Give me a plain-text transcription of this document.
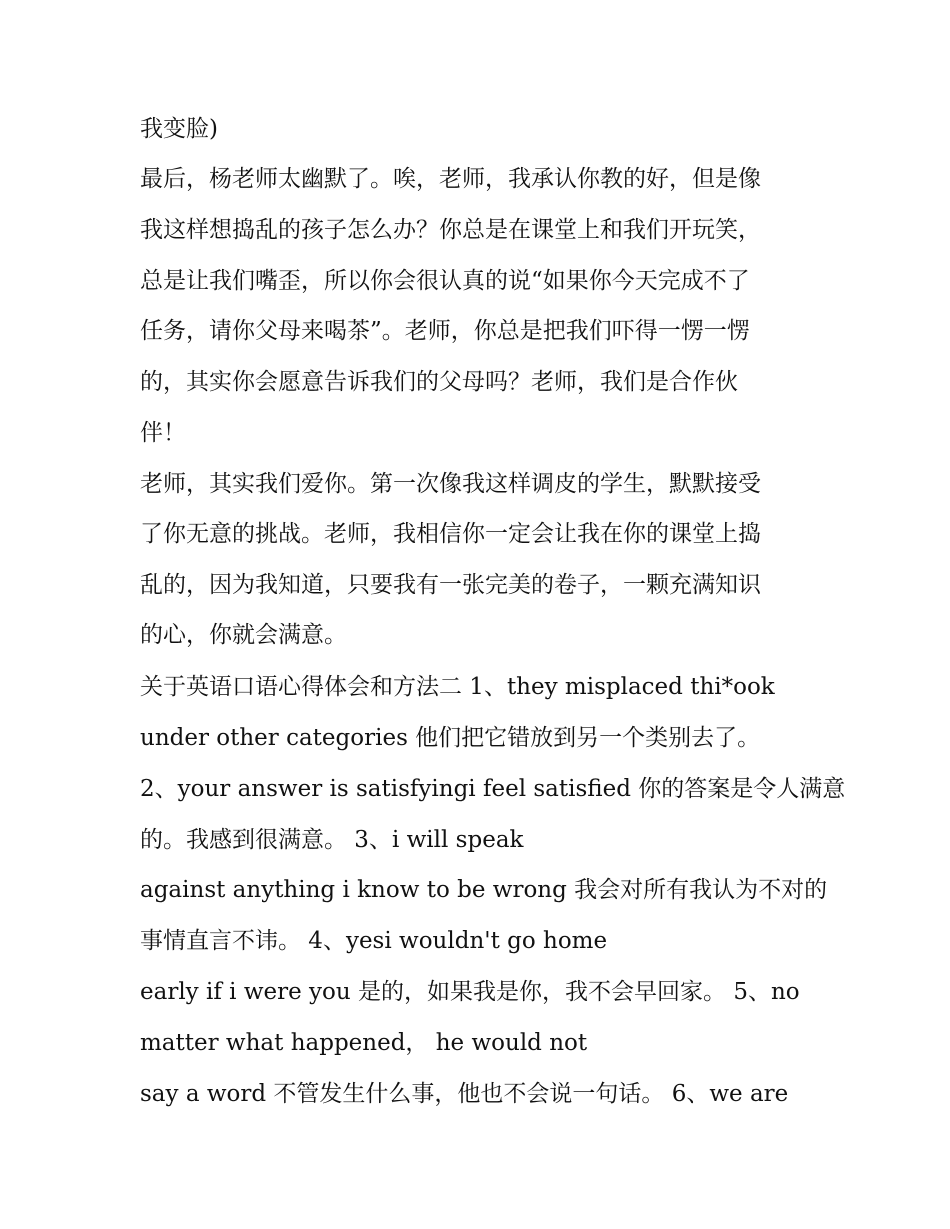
我变脸)
最后，杨老师太幽默了。唉，老师，我承认你教的好，但是像
我这样想捣乱的孩子怎么办？你总是在课堂上和我们开玩笑，
总是让我们嘴歪，所以你会很认真的说“如果你今天完成不了
任务，请你父母来喝茶”。老师，你总是把我们吓得一愣一愣
的，其实你会愿意告诉我们的父母吗？老师，我们是合作伙
伴！
老师，其实我们爱你。第一次像我这样调皮的学生，默默接受
了你无意的挑战。老师，我相信你一定会让我在你的课堂上捣
乱的，因为我知道，只要我有一张完美的卷子，一颗充满知识
的心，你就会满意。
关于英语口语心得体会和方法二 1、they misplaced thi*ook
under other categories 他们把它错放到另一个类别去了。
2、your answer is satisfyingi feel satisfied 你的答案是令人满意
的。我感到很满意。 3、i will speak
against anything i know to be wrong 我会对所有我认为不对的
事情直言不讳。 4、yesi wouldn't go home
early if i were you 是的，如果我是你，我不会早回家。 5、no
matter what happened， he would not
say a word 不管发生什么事，他也不会说一句话。 6、we are
